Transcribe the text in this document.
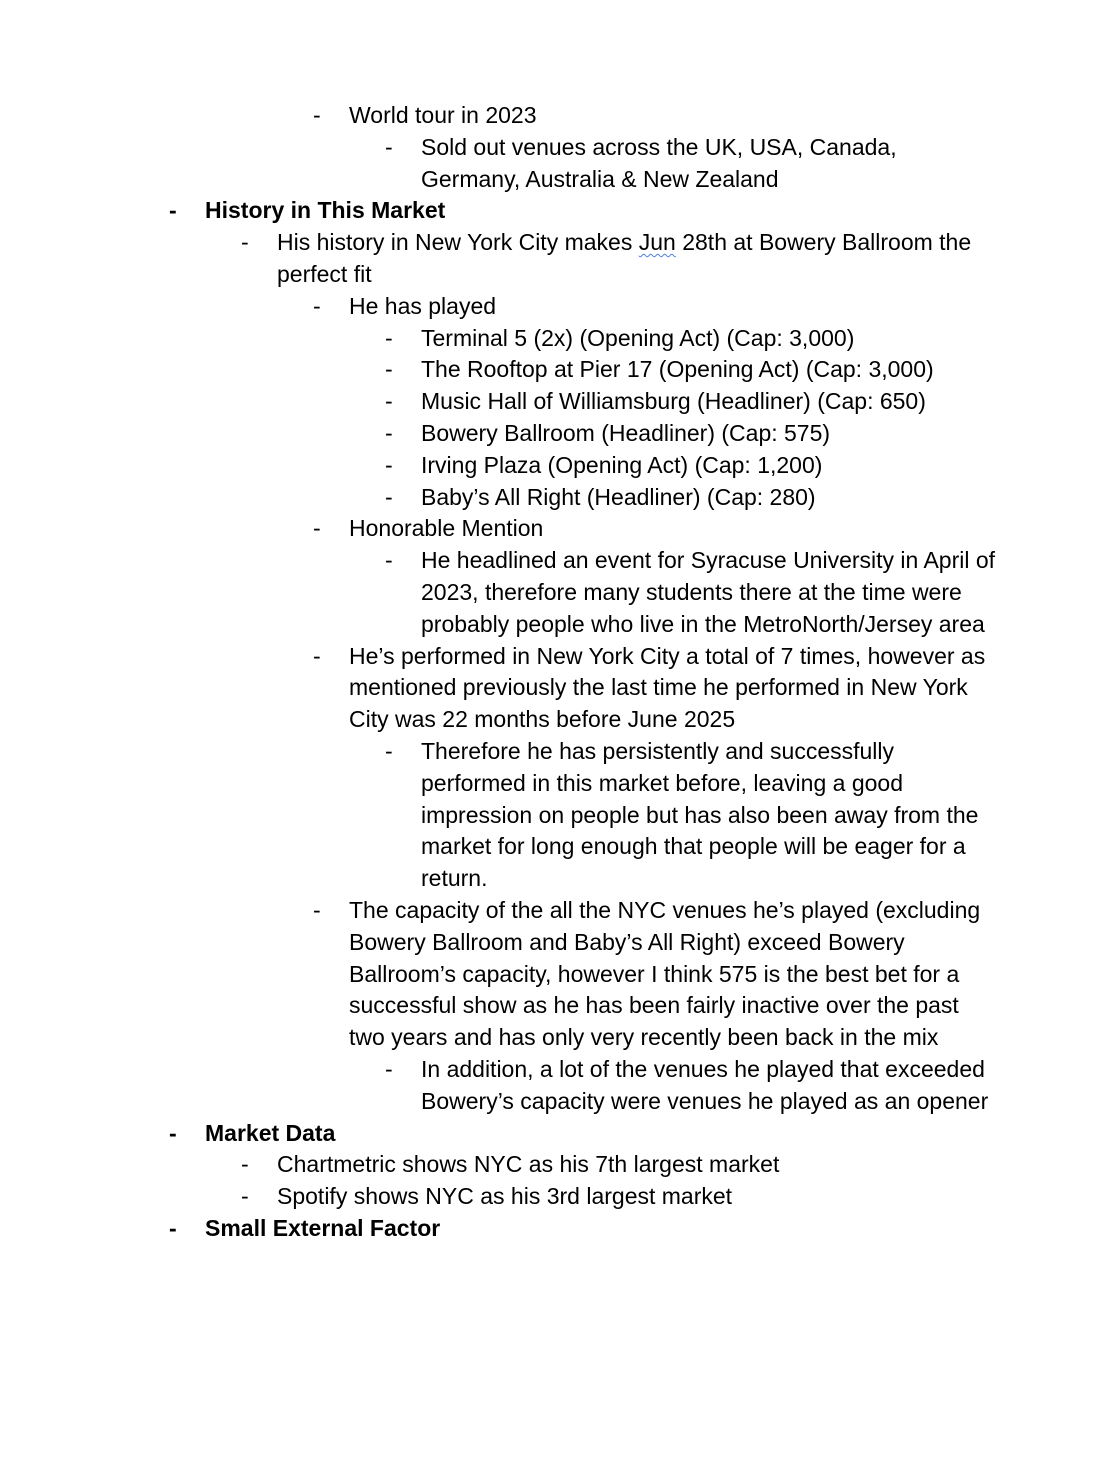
-	World tour in 2023
-	Sold out venues across the UK, USA, Canada, Germany, Australia & New Zealand
-	History in This Market
-	His history in New York City makes Jun 28th at Bowery Ballroom the perfect fit
-	He has played
-	Terminal 5 (2x) (Opening Act) (Cap: 3,000)
-	The Rooftop at Pier 17 (Opening Act) (Cap: 3,000)
-	Music Hall of Williamsburg (Headliner) (Cap: 650)
-	Bowery Ballroom (Headliner) (Cap: 575)
-	Irving Plaza (Opening Act) (Cap: 1,200)
-	Baby’s All Right (Headliner) (Cap: 280)
-	Honorable Mention
-	He headlined an event for Syracuse University in April of 2023, therefore many students there at the time were probably people who live in the MetroNorth/Jersey area
-	He’s performed in New York City a total of 7 times, however as mentioned previously the last time he performed in New York City was 22 months before June 2025
-	Therefore he has persistently and successfully performed in this market before, leaving a good impression on people but has also been away from the market for long enough that people will be eager for a return.
-	The capacity of the all the NYC venues he’s played (excluding Bowery Ballroom and Baby’s All Right) exceed Bowery Ballroom’s capacity, however I think 575 is the best bet for a successful show as he has been fairly inactive over the past two years and has only very recently been back in the mix
-	In addition, a lot of the venues he played that exceeded Bowery’s capacity were venues he played as an opener
-	Market Data
-	Chartmetric shows NYC as his 7th largest market
-	Spotify shows NYC as his 3rd largest market
-	Small External Factor
